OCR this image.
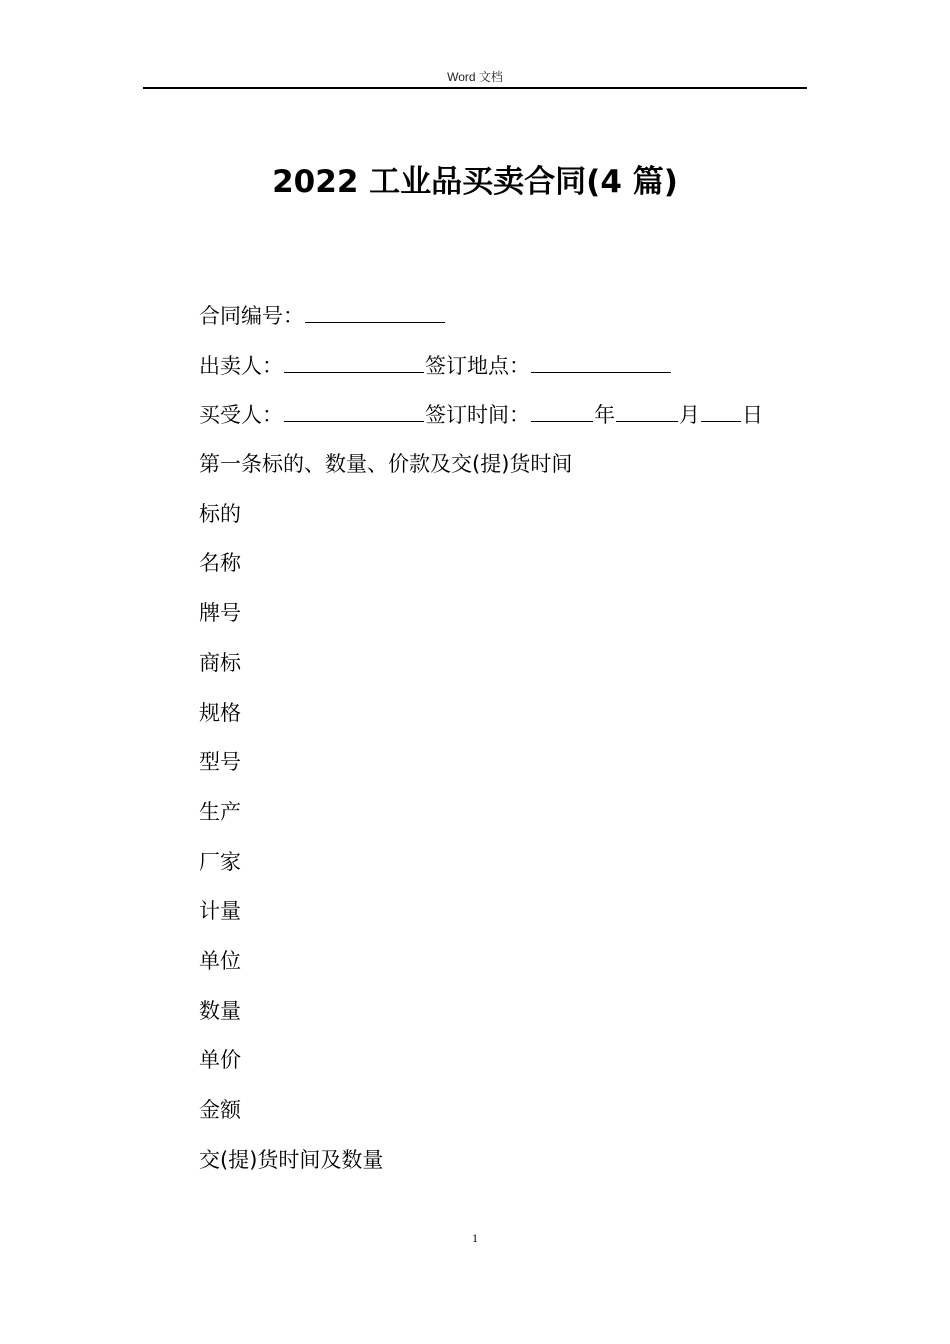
Word 文档
2022 工业品买卖合同(4 篇)
合同编号：
出卖人：	签订地点：
买受人：	签订时间：	年	月 日
第一条标的、数量、价款及交(提)货时间
标的
名称
牌号
商标
规格
型号
生产
厂家
计量
单位
数量
单价
金额
交(提)货时间及数量
1
